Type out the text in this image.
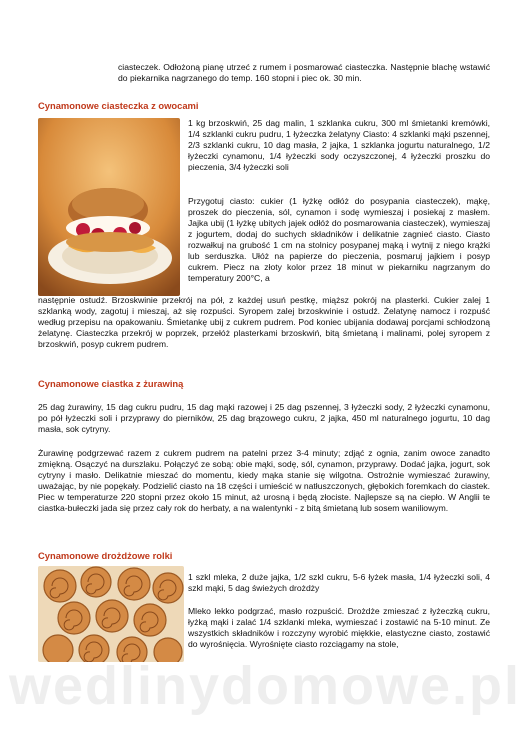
ciasteczek. Odłożoną pianę utrzeć z rumem i posmarować ciasteczka. Następnie blachę wstawić do piekarnika nagrzanego do temp. 160 stopni i piec ok. 30 min.
Cynamonowe ciasteczka z owocami
1 kg brzoskwiń, 25 dag malin, 1 szklanka cukru, 300 ml śmietanki kremówki, 1/4 szklanki cukru pudru, 1 łyżeczka żelatyny Ciasto: 4 szklanki mąki pszennej, 2/3 szklanki cukru, 10 dag masła, 2 jajka, 1 szklanka jogurtu naturalnego, 1/2 łyżeczki cynamonu, 1/4 łyżeczki sody oczyszczonej, 4 łyżeczki proszku do pieczenia, 3/4 łyżeczki soli
Przygotuj ciasto: cukier (1 łyżkę odłóż do posypania ciasteczek), mąkę, proszek do pieczenia, sól, cynamon i sodę wymieszaj i posiekaj z masłem. Jajka ubij (1 łyżkę ubitych jajek odłóż do posmarowania ciasteczek), wymieszaj z jogurtem, dodaj do suchych składników i delikatnie zagnieć ciasto. Ciasto rozwałkuj na grubość 1 cm na stolnicy posypanej mąką i wytnij z niego krążki lub serduszka. Ułóż na papierze do pieczenia, posmaruj jajkiem i posyp cukrem. Piecz na złoty kolor przez 18 minut w piekarniku nagrzanym do temperatury 200°C, a
następnie ostudź. Brzoskwinie przekrój na pół, z każdej usuń pestkę, miąższ pokrój na plasterki. Cukier zalej 1 szklanką wody, zagotuj i mieszaj, aż się rozpuści. Syropem zalej brzoskwinie i ostudź. Żelatynę namocz i rozpuść według przepisu na opakowaniu. Śmietankę ubij z cukrem pudrem. Pod koniec ubijania dodawaj porcjami schłodzoną żelatynę. Ciasteczka przekrój w poprzek, przełóż plasterkami brzoskwiń, bitą śmietaną i malinami, polej syropem z brzoskwiń, posyp cukrem pudrem.
Cynamonowe ciastka z żurawiną
25 dag żurawiny, 15 dag cukru pudru, 15 dag mąki razowej i 25 dag pszennej, 3 łyżeczki sody, 2 łyżeczki cynamonu, po pół łyżeczki soli i przyprawy do pierników, 25 dag brązowego cukru, 2 jajka, 450 ml naturalnego jogurtu, 10 dag masła, sok cytryny.
Żurawinę podgrzewać razem z cukrem pudrem na patelni przez 3-4 minuty; zdjąć z ognia, zanim owoce zanadto zmiękną. Osączyć na durszlaku. Połączyć ze sobą: obie mąki, sodę, sól, cynamon, przyprawy. Dodać jajka, jogurt, sok cytryny i masło. Delikatnie mieszać do momentu, kiedy mąka stanie się wilgotna. Ostrożnie wymieszać żurawiny, uważając, by nie popękały. Podzielić ciasto na 18 części i umieścić w natłuszczonych, głębokich foremkach do ciastek. Piec w temperaturze 220 stopni przez około 15 minut, aż urosną i będą złociste. Najlepsze są na ciepło. W Anglii te ciastka-bułeczki jada się przez cały rok do herbaty, a na walentynki - z bitą śmietaną lub sosem waniliowym.
Cynamonowe drożdżowe rolki
1 szkl mleka, 2 duże jajka, 1/2 szkl cukru, 5-6 łyżek masła, 1/4 łyżeczki soli, 4 szkl mąki, 5 dag świeżych drożdży
Mleko lekko podgrzać, masło rozpuścić. Drożdże zmieszać z łyżeczką cukru, łyżką mąki i zalać 1/4 szklanki mleka, wymieszać i zostawić na 5-10 minut. Ze wszystkich składników i rozczyny wyrobić miękkie, elastyczne ciasto, zostawić do wyrośnięcia. Wyrośnięte ciasto rozciągamy na stole,
wedlinydomowe.pl
